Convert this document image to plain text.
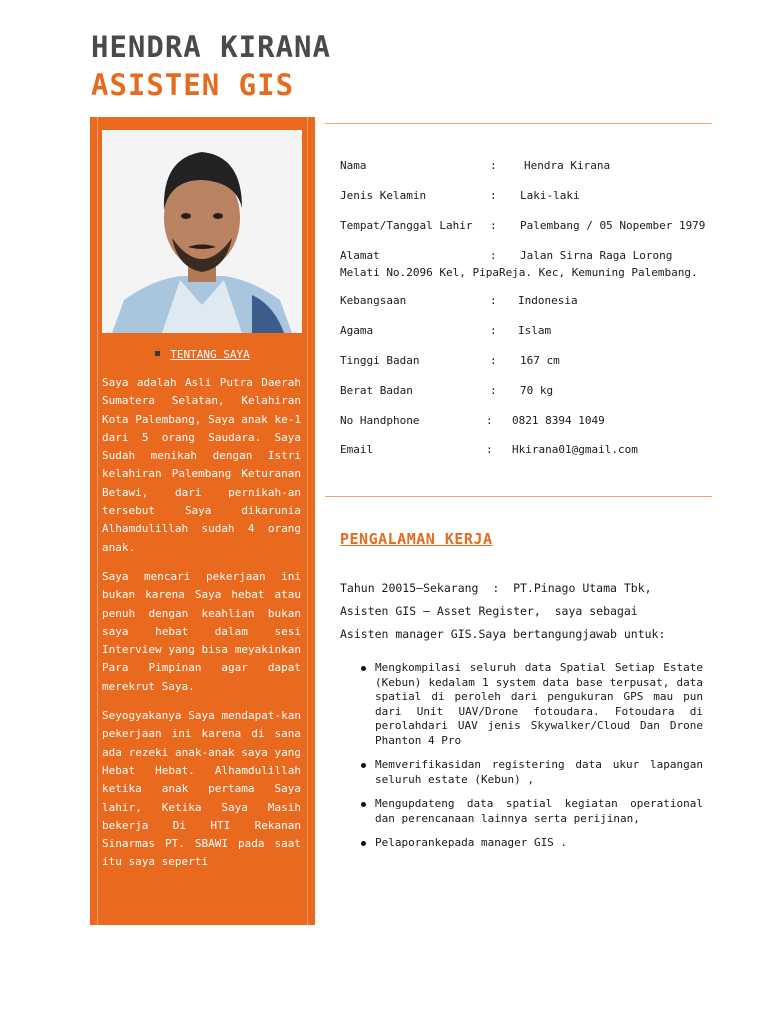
HENDRA KIRANA
ASISTEN GIS
TENTANG SAYA

Saya adalah Asli Putra Daerah Sumatera Selatan, Kelahiran Kota Palembang, Saya anak ke-1 dari 5 orang Saudara. Saya Sudah menikah dengan Istri kelahiran Palembang Keturanan Betawi, dari pernikah-an tersebut Saya dikarunia Alhamdulillah sudah 4 orang anak.

Saya mencari pekerjaan ini bukan karena Saya hebat atau penuh dengan keahlian bukan saya hebat dalam sesi Interview yang bisa meyakinkan Para Pimpinan agar dapat merekrut Saya.

Seyogyakanya Saya mendapat-kan pekerjaan ini karena di sana ada rezeki anak-anak saya yang Hebat Hebat. Alhamdulillah ketika anak pertama Saya lahir, Ketika Saya Masih bekerja Di HTI Rekanan Sinarmas PT. SBAWI pada saat itu saya seperti

Nama	: Hendra Kirana
Jenis Kelamin	: Laki-laki
Tempat/Tanggal Lahir : Palembang / 05 Nopember 1979
Alamat	: Jalan Sirna Raga Lorong
Melati No.2096 Kel, PipaReja. Kec, Kemuning Palembang.
Kebangsaan	: Indonesia
Agama	: Islam
Tinggi Badan	: 167 cm
Berat Badan	: 70 kg
No Handphone	: 0821 8394 1049
Email	: Hkirana01@gmail.com
PENGALAMAN KERJA
Tahun 20015–Sekarang  :  PT.Pinago Utama Tbk,
Asisten GIS – Asset Register,  saya sebagai
Asisten manager GIS.Saya bertangungjawab untuk:
Mengkompilasi seluruh data Spatial Setiap Estate (Kebun) kedalam 1 system data base terpusat, data spatial di peroleh dari pengukuran GPS mau pun dari Unit UAV/Drone fotoudara. Fotoudara di perolahdari UAV jenis Skywalker/Cloud Dan Drone Phanton 4 Pro
Memverifikasidan registering data ukur lapangan seluruh estate (Kebun) ,
Mengupdateng data spatial kegiatan operational dan perencanaan lainnya serta perijinan,
Pelaporankepada manager GIS .
